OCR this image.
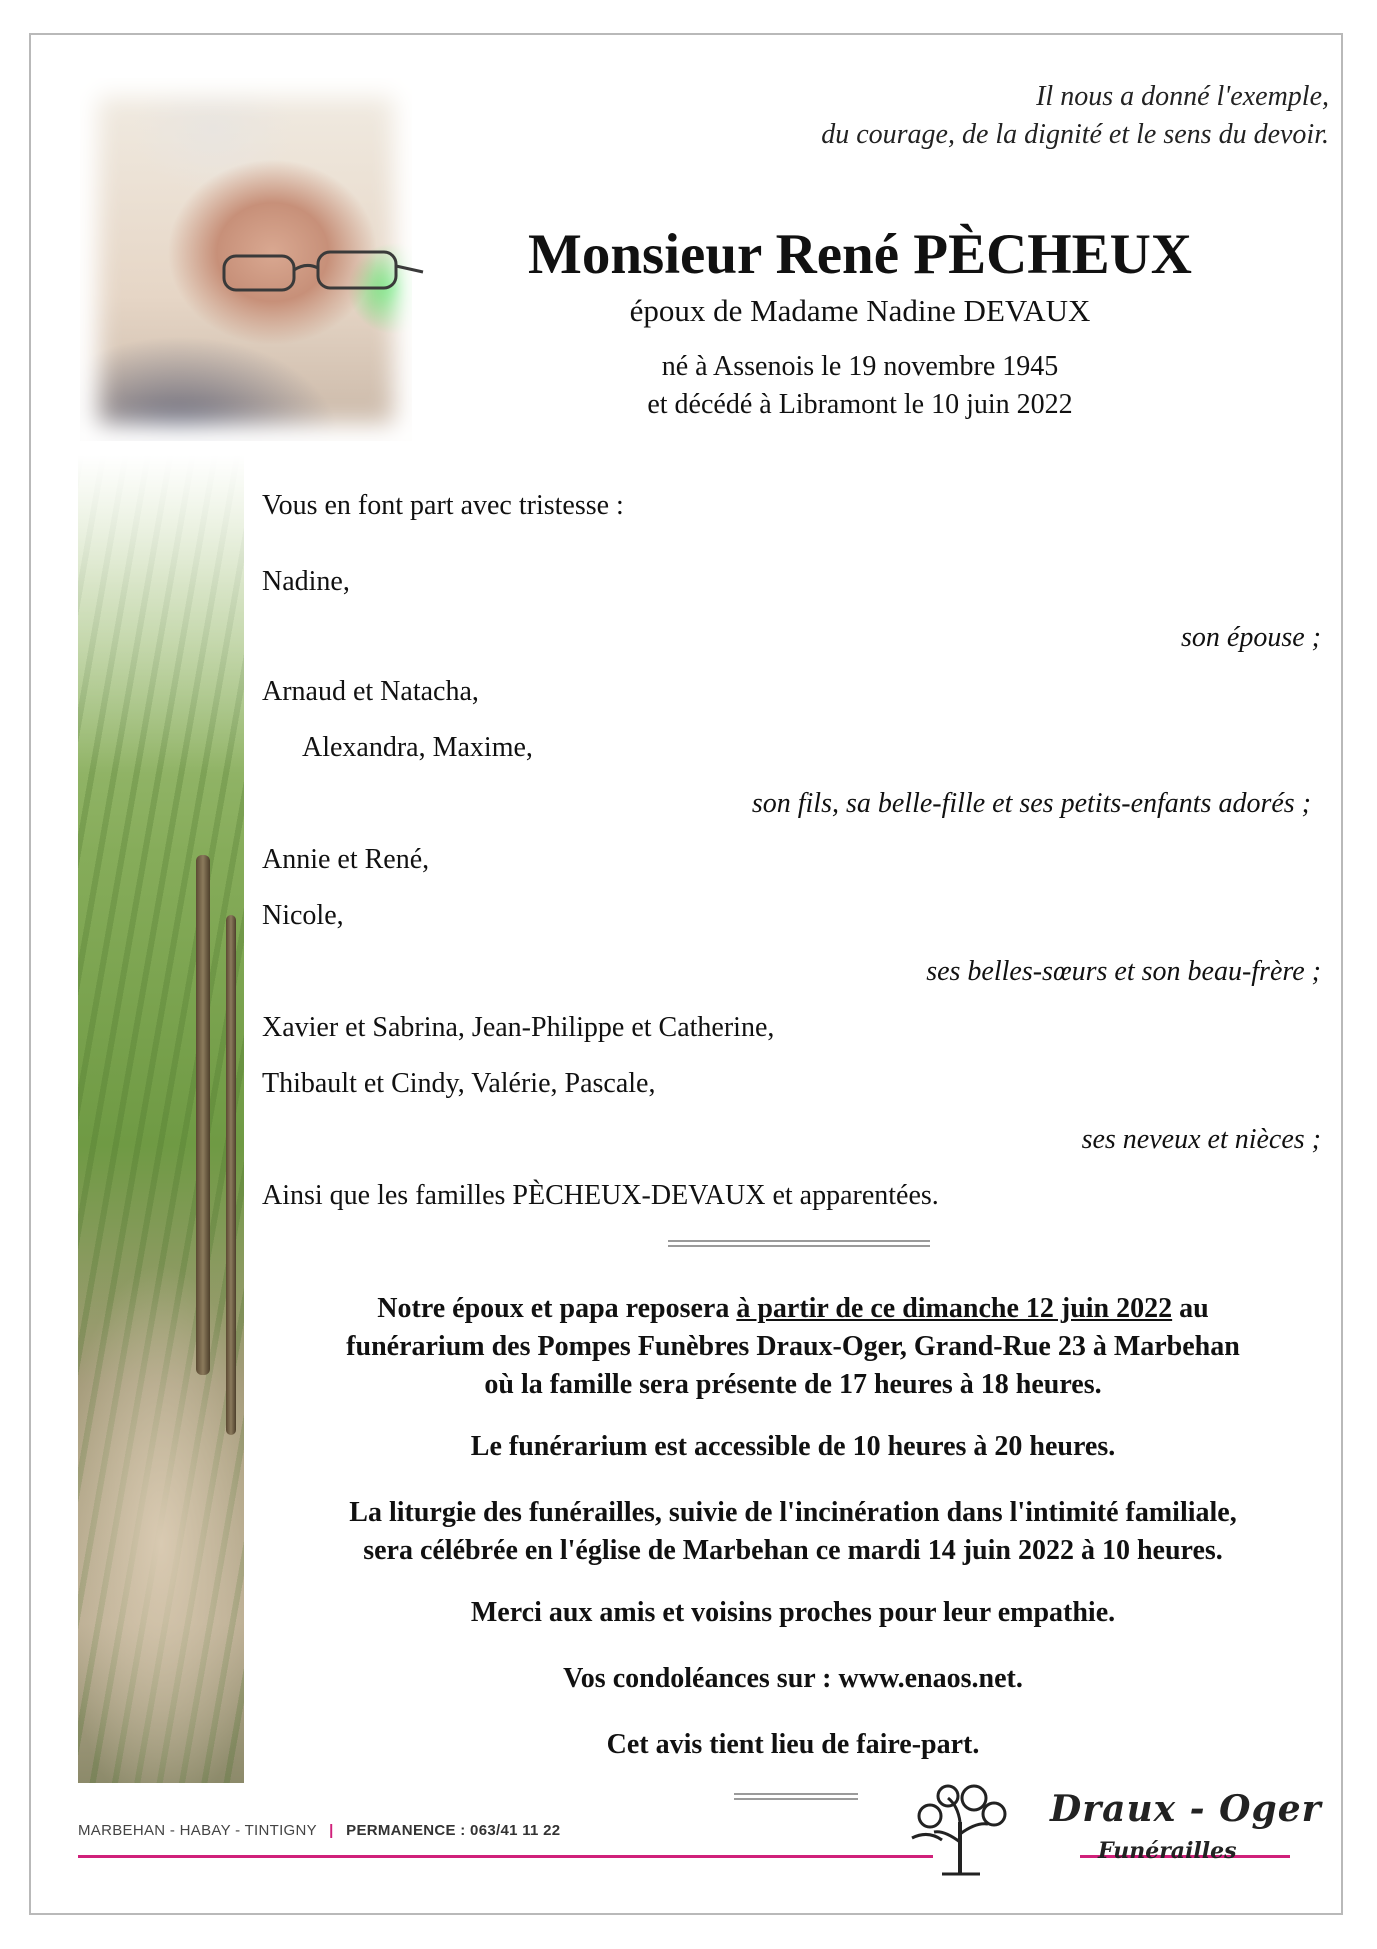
Il nous a donné l'exemple,
du courage, de la dignité et le sens du devoir.
Monsieur René PÈCHEUX
époux de Madame Nadine DEVAUX
né à Assenois le 19 novembre 1945
et décédé à Libramont le 10 juin 2022
Vous en font part avec tristesse :
Nadine,
son épouse ;
Arnaud et Natacha,
Alexandra, Maxime,
son fils, sa belle-fille et ses petits-enfants adorés ;
Annie et René,
Nicole,
ses belles-sœurs et son beau-frère ;
Xavier et Sabrina, Jean-Philippe et Catherine,
Thibault et Cindy, Valérie, Pascale,
ses neveux et nièces ;
Ainsi que les familles PÈCHEUX-DEVAUX et apparentées.
Notre époux et papa reposera à partir de ce dimanche 12 juin 2022 au
funérarium des Pompes Funèbres Draux-Oger, Grand-Rue 23 à Marbehan
où la famille sera présente de 17 heures à 18 heures.
Le funérarium est accessible de 10 heures à 20 heures.
La liturgie des funérailles, suivie de l'incinération dans l'intimité familiale,
sera célébrée en l'église de Marbehan ce mardi 14 juin 2022 à 10 heures.
Merci aux amis et voisins proches pour leur empathie.
Vos condoléances sur : www.enaos.net.
Cet avis tient lieu de faire-part.
MARBEHAN - HABAY - TINTIGNY | PERMANENCE : 063/41 11 22
Draux - Oger
Funérailles
